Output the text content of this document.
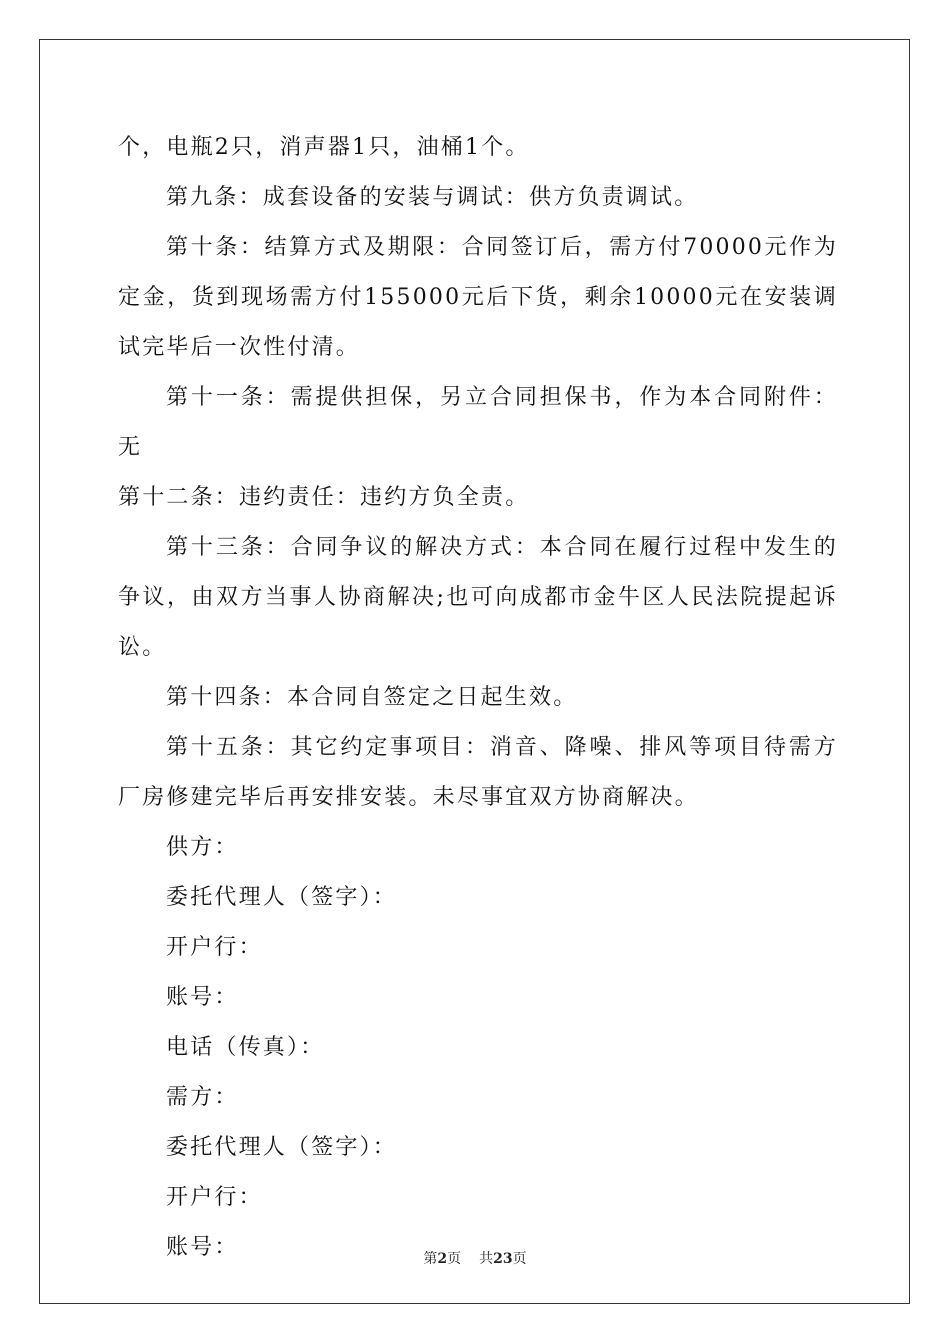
个，电瓶2只，消声器1只，油桶1个。

第九条：成套设备的安装与调试：供方负责调试。

第十条：结算方式及期限：合同签订后，需方付70000元作为定金，货到现场需方付155000元后下货，剩余10000元在安装调试完毕后一次性付清。

第十一条：需提供担保，另立合同担保书，作为本合同附件：无

第十二条：违约责任：违约方负全责。

第十三条：合同争议的解决方式：本合同在履行过程中发生的争议，由双方当事人协商解决;也可向成都市金牛区人民法院提起诉讼。

第十四条：本合同自签定之日起生效。

第十五条：其它约定事项目：消音、降噪、排风等项目待需方厂房修建完毕后再安排安装。未尽事宜双方协商解决。

供方：

委托代理人（签字）：

开户行：

账号：

电话（传真）：

需方：

委托代理人（签字）：

开户行：

账号：	第2页 共23页
